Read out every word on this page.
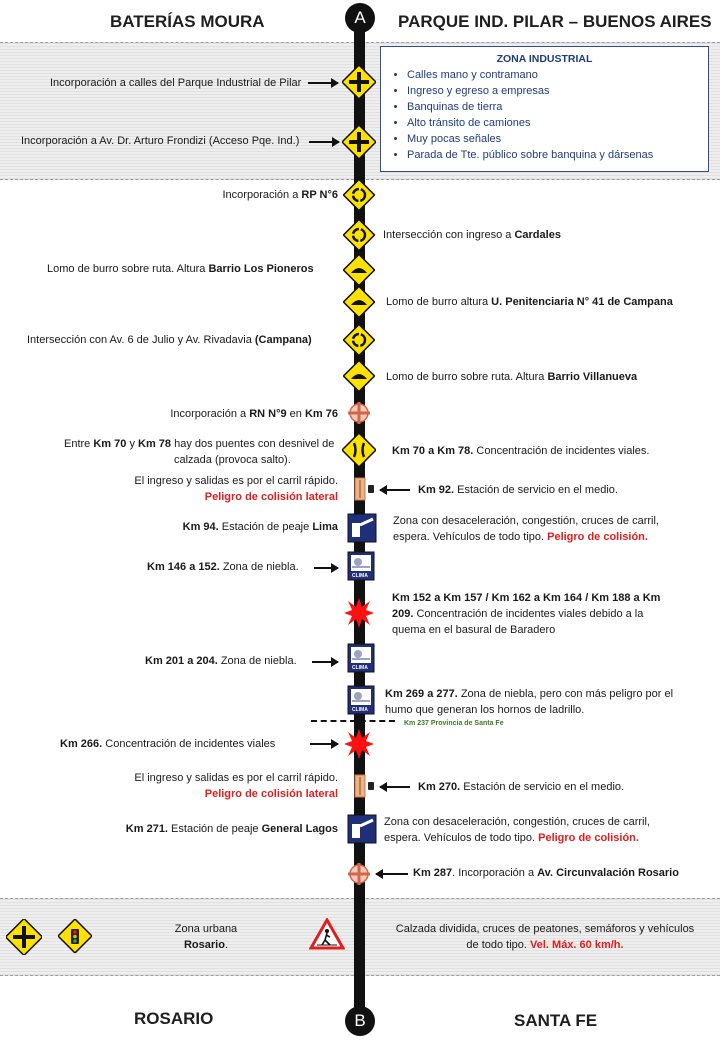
BATERÍAS MOURA	PARQUE IND. PILAR – BUENOS AIRES
ROSARIO	SANTA FE
A
B
ZONA INDUSTRIAL
• Calles mano y contramano
• Ingreso y egreso a empresas
• Banquinas de tierra
• Alto tránsito de camiones
• Muy pocas señales
• Parada de Tte. público sobre banquina y dársenas
Incorporación a calles del Parque Industrial de Pilar
Incorporación a Av. Dr. Arturo Frondizi (Acceso Pqe. Ind.)
Incorporación a RP N°6
Intersección con ingreso a Cardales
Lomo de burro sobre ruta. Altura Barrio Los Pioneros
Lomo de burro altura U. Penitenciaria N° 41 de Campana
Intersección con Av. 6 de Julio y Av. Rivadavia (Campana)
Lomo de burro sobre ruta. Altura Barrio Villanueva
Incorporación a RN N°9 en Km 76
Entre Km 70 y Km 78 hay dos puentes con desnivel de
calzada (provoca salto).
Km 70 a Km 78. Concentración de incidentes viales.
El ingreso y salidas es por el carril rápido.
Peligro de colisión lateral
Km 92. Estación de servicio en el medio.
Km 94. Estación de peaje Lima	Zona con desaceleración, congestión, cruces de carril,
espera. Vehículos de todo tipo. Peligro de colisión.
CLIMA
Km 146 a 152. Zona de niebla.
Km 152 a Km 157 / Km 162 a Km 164 / Km 188 a Km
209. Concentración de incidentes viales debido a la
quema en el basural de Baradero
CLIMA
Km 201 a 204. Zona de niebla.
CLIMA
Km 269 a 277. Zona de niebla, pero con más peligro por el
humo que generan los hornos de ladrillo.
Km 237 Provincia de Santa Fe
Km 266. Concentración de incidentes viales
El ingreso y salidas es por el carril rápido.
Peligro de colisión lateral
Km 270. Estación de servicio en el medio.
Km 271. Estación de peaje General Lagos
Zona con desaceleración, congestión, cruces de carril,
espera. Vehículos de todo tipo. Peligro de colisión.
Km 287. Incorporación a Av. Circunvalación Rosario
Zona urbana
Rosario.
Calzada dividida, cruces de peatones, semáforos y vehículos
de todo tipo. Vel. Máx. 60 km/h.
